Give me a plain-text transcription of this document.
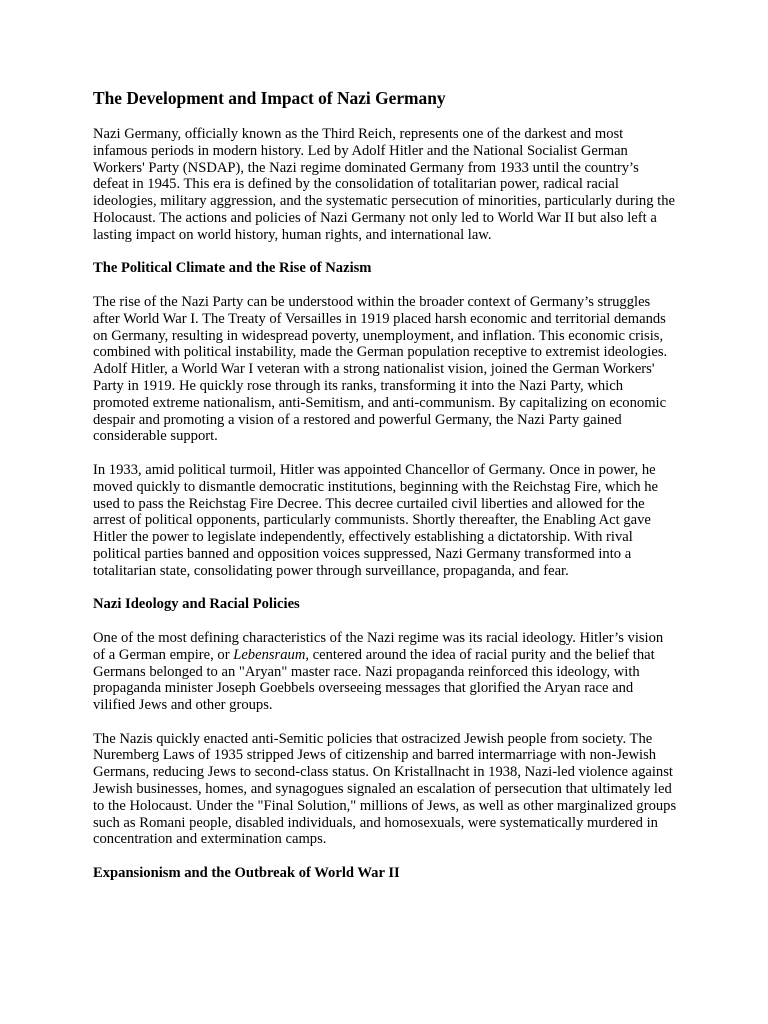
The Development and Impact of Nazi Germany

Nazi Germany, officially known as the Third Reich, represents one of the darkest and most infamous periods in modern history. Led by Adolf Hitler and the National Socialist German Workers' Party (NSDAP), the Nazi regime dominated Germany from 1933 until the country’s defeat in 1945. This era is defined by the consolidation of totalitarian power, radical racial ideologies, military aggression, and the systematic persecution of minorities, particularly during the Holocaust. The actions and policies of Nazi Germany not only led to World War II but also left a lasting impact on world history, human rights, and international law.

The Political Climate and the Rise of Nazism

The rise of the Nazi Party can be understood within the broader context of Germany’s struggles after World War I. The Treaty of Versailles in 1919 placed harsh economic and territorial demands on Germany, resulting in widespread poverty, unemployment, and inflation. This economic crisis, combined with political instability, made the German population receptive to extremist ideologies. Adolf Hitler, a World War I veteran with a strong nationalist vision, joined the German Workers' Party in 1919. He quickly rose through its ranks, transforming it into the Nazi Party, which promoted extreme nationalism, anti-Semitism, and anti-communism. By capitalizing on economic despair and promoting a vision of a restored and powerful Germany, the Nazi Party gained considerable support.

In 1933, amid political turmoil, Hitler was appointed Chancellor of Germany. Once in power, he moved quickly to dismantle democratic institutions, beginning with the Reichstag Fire, which he used to pass the Reichstag Fire Decree. This decree curtailed civil liberties and allowed for the arrest of political opponents, particularly communists. Shortly thereafter, the Enabling Act gave Hitler the power to legislate independently, effectively establishing a dictatorship. With rival political parties banned and opposition voices suppressed, Nazi Germany transformed into a totalitarian state, consolidating power through surveillance, propaganda, and fear.

Nazi Ideology and Racial Policies

One of the most defining characteristics of the Nazi regime was its racial ideology. Hitler’s vision of a German empire, or Lebensraum, centered around the idea of racial purity and the belief that Germans belonged to an "Aryan" master race. Nazi propaganda reinforced this ideology, with propaganda minister Joseph Goebbels overseeing messages that glorified the Aryan race and vilified Jews and other groups.

The Nazis quickly enacted anti-Semitic policies that ostracized Jewish people from society. The Nuremberg Laws of 1935 stripped Jews of citizenship and barred intermarriage with non-Jewish Germans, reducing Jews to second-class status. On Kristallnacht in 1938, Nazi-led violence against Jewish businesses, homes, and synagogues signaled an escalation of persecution that ultimately led to the Holocaust. Under the "Final Solution," millions of Jews, as well as other marginalized groups such as Romani people, disabled individuals, and homosexuals, were systematically murdered in concentration and extermination camps.

Expansionism and the Outbreak of World War II
